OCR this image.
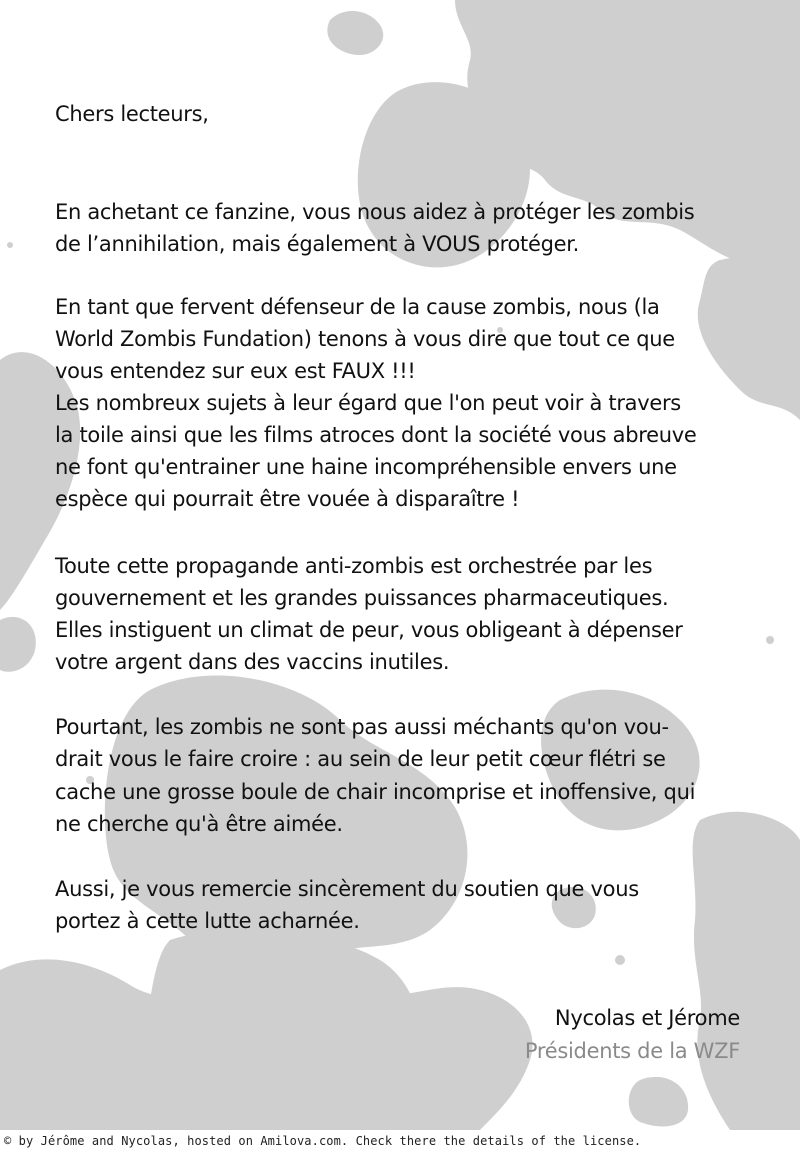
Chers lecteurs,
En achetant ce fanzine, vous nous aidez à protéger les zombis
de l’annihilation, mais également à VOUS protéger.
En tant que fervent défenseur de la cause zombis, nous (la
World Zombis Fundation) tenons à vous dire que tout ce que
vous entendez sur eux est FAUX !!!
Les nombreux sujets à leur égard que l'on peut voir à travers
la toile ainsi que les films atroces dont la société vous abreuve
ne font qu'entrainer une haine incompréhensible envers une
espèce qui pourrait être vouée à disparaître !
Toute cette propagande anti-zombis est orchestrée par les
gouvernement et les grandes puissances pharmaceutiques.
Elles instiguent un climat de peur, vous obligeant à dépenser
votre argent dans des vaccins inutiles.
Pourtant, les zombis ne sont pas aussi méchants qu'on vou-
drait vous le faire croire : au sein de leur petit cœur flétri se
cache une grosse boule de chair incomprise et inoffensive, qui
ne cherche qu'à être aimée.
Aussi, je vous remercie sincèrement du soutien que vous
portez à cette lutte acharnée.
Nycolas et Jérome
Présidents de la WZF
© by Jérôme and Nycolas, hosted on Amilova.com. Check there the details of the license.
